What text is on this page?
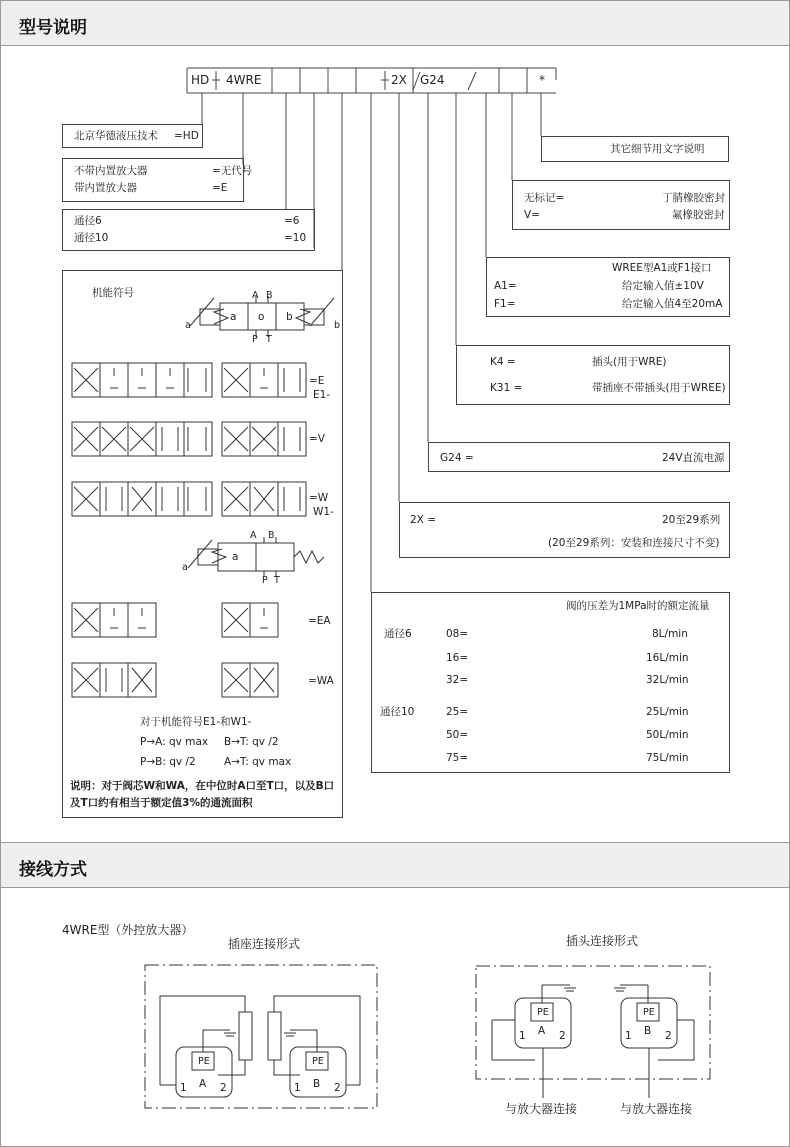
型号说明
接线方式
HD 4WRE	2X G24	*
北京华德液压技术 =HD
不带内置放大器	=无代号
带内置放大器	=E
通径6	=6
通径10	=10
机能符号	A B
P T
a	b
a o b
=E
E1-
=V
=W
W1-
=EA
=WA
A B
P T
a
a
对于机能符号E1-和W1-
P→A: qv max B→T: qv /2
P→B: qv /2	A→T: qv max
说明：对于阀芯W和WA，在中位时A口至T口，以及B口及T口约有相当于额定值3%的通流面积
其它细节用文字说明
无标记=	丁腈橡胶密封
V=	氟橡胶密封
WREE型A1或F1接口
A1=	给定输入值±10V
F1=	给定输入值4至20mA
K4 =	插头(用于WRE)
K31 =	带插座不带插头(用于WREE)
G24 =	24V直流电源
2X =	20至29系列
(20至29系列：安装和连接尺寸不变)
阀的压差为1MPa时的额定流量
通径6	08=	8L/min
16=	16L/min
32=	32L/min
通径10	25=	25L/min
50=	50L/min
75=	75L/min
4WRE型（外控放大器）
插座连接形式	插头连接形式
PE
A
1	2
PE
B
1	2
PE
A
1	2
PE
B
1	2
与放大器连接	与放大器连接
